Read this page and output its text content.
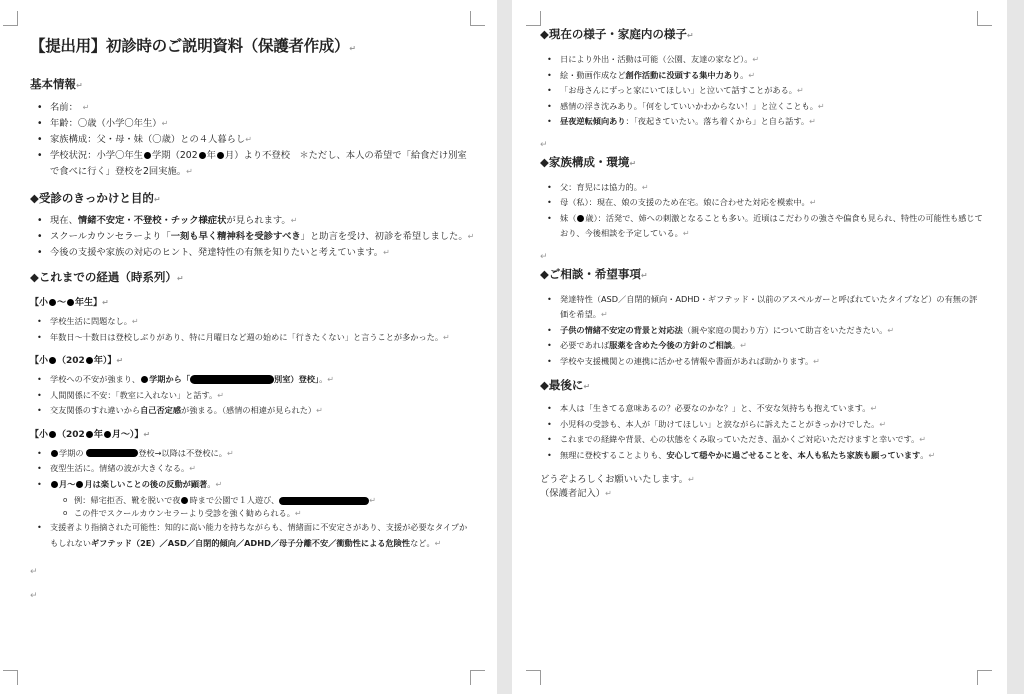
【提出用】初診時のご説明資料（保護者作成）↵

基本情報↵

• 名前：　 ↵
• 年齢：〇歳（小学〇年生）↵
• 家族構成：父・母・妹（〇歳）との４人暮らし↵
• 学校状況：小学〇年生 学期（202 年 月）より不登校　＊ただし、本人の希望で「給食だけ別室で食べに行く」登校を2回実施。↵

◆受診のきっかけと目的↵

• 現在、情緒不安定・不登校・チック様症状が見られます。↵
• スクールカウンセラーより「一刻も早く精神科を受診すべき」と助言を受け、初診を希望しました。↵
• 今後の支援や家族の対応のヒント、発達特性の有無を知りたいと考えています。↵

◆これまでの経過（時系列）↵

【小 〜 年生】↵

• 学校生活に問題なし。↵
• 年数日〜十数日は登校しぶりがあり、特に月曜日など週の始めに「行きたくない」と言うことが多かった。↵

【小 （202 年）】↵

• 学校への不安が強まり、 学期から「	別室）登校」。↵
• 人間関係に不安：「教室に入れない」と話す。↵
• 交友関係のすれ違いから自己否定感が強まる。（感情の相違が見られた）↵

【小 （202 年 月〜）】↵

• 学期の	登校→以降は不登校に。↵
• 夜型生活に。情緒の波が大きくなる。↵
• 月〜 月は楽しいことの後の反動が顕著。↵
o 例：帰宅拒否、靴を脱いで夜 時まで公園で１人遊び、	↵
o この件でスクールカウンセラーより受診を強く勧められる。↵
• 支援者より指摘された可能性：知的に高い能力を持ちながらも、情緒面に不安定さがあり、支援が必要なタイプかもしれないギフテッド（2E）／ASD／自閉的傾向／ADHD／母子分離不安／衝動性による危険性など。↵
↵
↵

◆現在の様子・家庭内の様子↵

• 日により外出・活動は可能（公園、友達の家など）。↵
• 絵・動画作成など創作活動に没頭する集中力あり。↵
• 「お母さんにずっと家にいてほしい」と泣いて話すことがある。↵
• 感情の浮き沈みあり。「何をしていいかわからない！」と泣くことも。↵
• 昼夜逆転傾向あり：「夜起きていたい。落ち着くから」と自ら話す。↵
↵

◆家族構成・環境↵

• 父：育児には協力的。↵
• 母（私）：現在、娘の支援のため在宅。娘に合わせた対応を模索中。↵
• 妹（ 歳）：活発で、姉への刺激となることも多い。近頃はこだわりの強さや偏食も見られ、特性の可能性も感じており、今後相談を予定している。↵
↵

◆ご相談・希望事項↵

• 発達特性（ASD／自閉的傾向・ADHD・ギフテッド・以前のアスペルガーと呼ばれていたタイプなど）の有無の評価を希望。↵
• 子供の情緒不安定の背景と対応法（親や家庭の関わり方）について助言をいただきたい。↵
• 必要であれば服薬を含めた今後の方針のご相談。↵
• 学校や支援機関との連携に活かせる情報や書面があれば助かります。↵

◆最後に↵

• 本人は「生きてる意味あるの？必要なのかな？」と、不安な気持ちも抱えています。↵
• 小児科の受診も、本人が「助けてほしい」と涙ながらに訴えたことがきっかけでした。↵
• これまでの経緯や背景、心の状態をくみ取っていただき、温かくご対応いただけますと幸いです。↵
• 無理に登校することよりも、安心して穏やかに過ごせることを、本人も私たち家族も願っています。↵

どうぞよろしくお願いいたします。↵

（保護者記入）↵
